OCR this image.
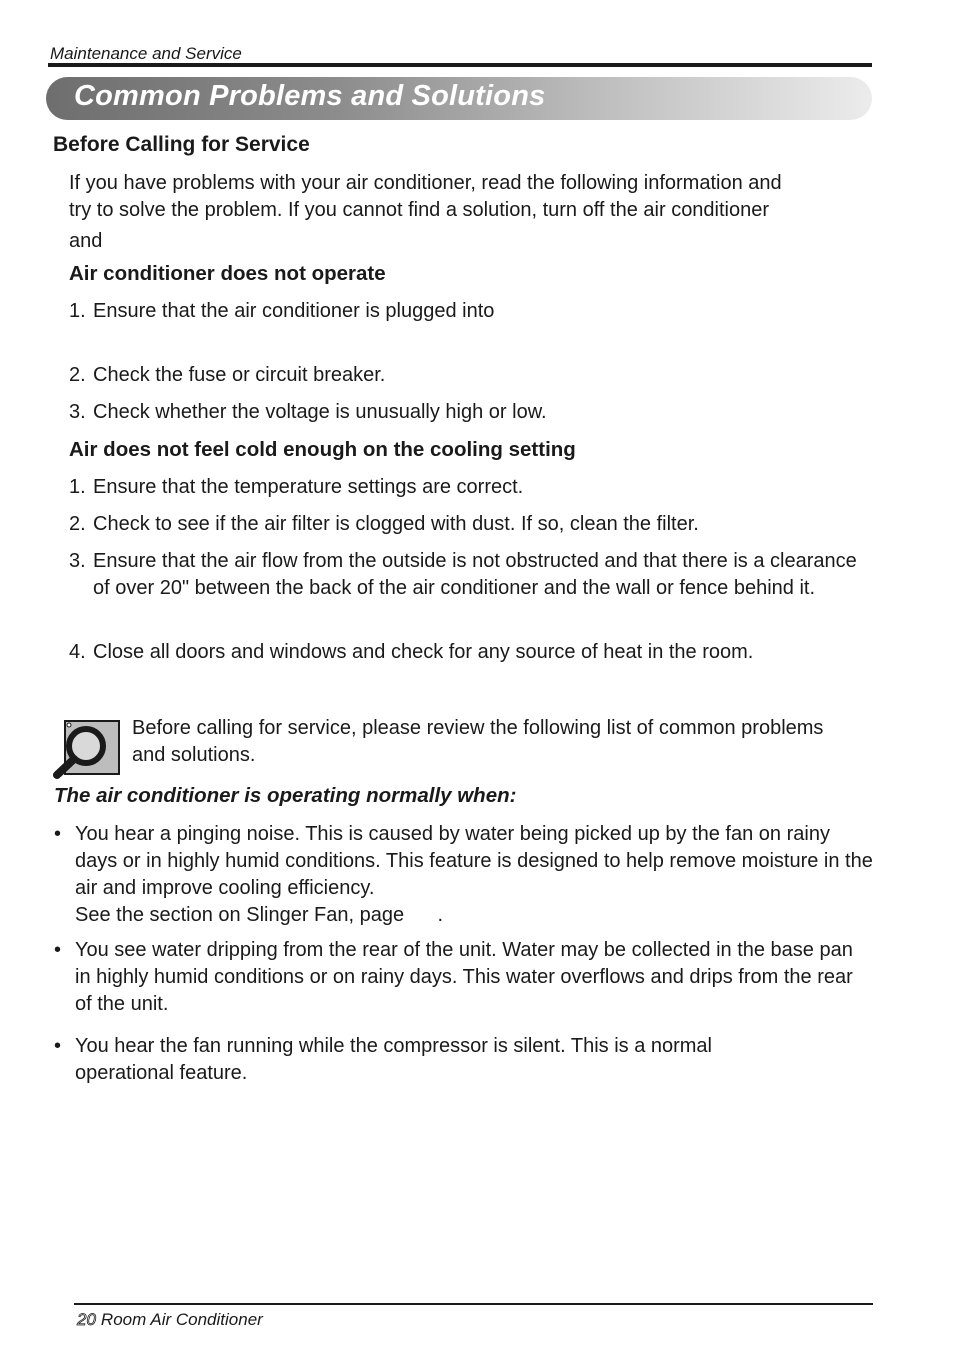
Maintenance and Service
Common Problems and Solutions
Before Calling for Service
If you have problems with your air conditioner, read the following information and
try to solve the problem. If you cannot find a solution, turn off the air conditioner
and
Air conditioner does not operate
1. Ensure that the air conditioner is plugged into
2. Check the fuse or circuit breaker.
3. Check whether the voltage is unusually high or low.
Air does not feel cold enough on the cooling setting
1. Ensure that the temperature settings are correct.
2. Check to see if the air filter is clogged with dust. If so, clean the filter.
3. Ensure that the air flow from the outside is not obstructed and that there is a clearance of over 20" between the back of the air conditioner and the wall or fence behind it.
4. Close all doors and windows and check for any source of heat in the room.
Before calling for service, please review the following list of common problems and solutions.
The air conditioner is operating normally when:
• You hear a pinging noise. This is caused by water being picked up by the fan on rainy days or in highly humid conditions. This feature is designed to help remove moisture in the air and improve cooling efficiency.
See the section on Slinger Fan, page      .
• You see water dripping from the rear of the unit. Water may be collected in the base pan in highly humid conditions or on rainy days. This water overflows and drips from the rear of the unit.
• You hear the fan running while the compressor is silent. This is a normal operational feature.
20 Room Air Conditioner
